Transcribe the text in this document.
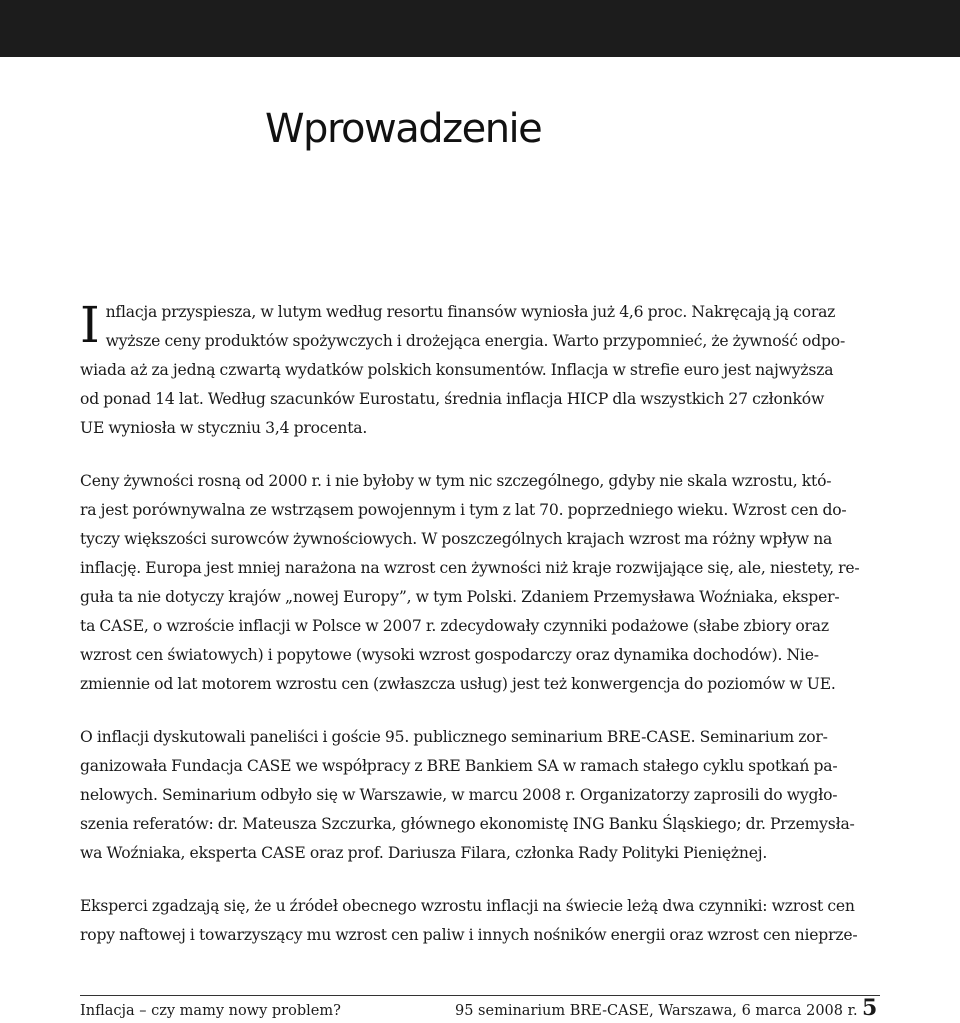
Wprowadzenie

I nflacja przyspiesza, w lutym według resortu finansów wyniosła już 4,6 proc. Nakręcają ją coraz
wyższe ceny produktów spożywczych i drożejąca energia. Warto przypomnieć, że żywność odpo-
wiada aż za jedną czwartą wydatków polskich konsumentów. Inflacja w strefie euro jest najwyższa
od ponad 14 lat. Według szacunków Eurostatu, średnia inflacja HICP dla wszystkich 27 członków
UE wyniosła w styczniu 3,4 procenta.

Ceny żywności rosną od 2000 r. i nie byłoby w tym nic szczególnego, gdyby nie skala wzrostu, któ-
ra jest porównywalna ze wstrząsem powojennym i tym z lat 70. poprzedniego wieku. Wzrost cen do-
tyczy większości surowców żywnościowych. W poszczególnych krajach wzrost ma różny wpływ na
inflację. Europa jest mniej narażona na wzrost cen żywności niż kraje rozwijające się, ale, niestety, re-
guła ta nie dotyczy krajów „nowej Europy”, w tym Polski. Zdaniem Przemysława Woźniaka, eksper-
ta CASE, o wzroście inflacji w Polsce w 2007 r. zdecydowały czynniki podażowe (słabe zbiory oraz
wzrost cen światowych) i popytowe (wysoki wzrost gospodarczy oraz dynamika dochodów). Nie-
zmiennie od lat motorem wzrostu cen (zwłaszcza usług) jest też konwergencja do poziomów w UE.

O inflacji dyskutowali paneliści i goście 95. publicznego seminarium BRE-CASE. Seminarium zor-
ganizowała Fundacja CASE we współpracy z BRE Bankiem SA w ramach stałego cyklu spotkań pa-
nelowych. Seminarium odbyło się w Warszawie, w marcu 2008 r. Organizatorzy zaprosili do wygło-
szenia referatów: dr. Mateusza Szczurka, głównego ekonomistę ING Banku Śląskiego; dr. Przemysła-
wa Woźniaka, eksperta CASE oraz prof. Dariusza Filara, członka Rady Polityki Pieniężnej.

Eksperci zgadzają się, że u źródeł obecnego wzrostu inflacji na świecie leżą dwa czynniki: wzrost cen
ropy naftowej i towarzyszący mu wzrost cen paliw i innych nośników energii oraz wzrost cen nieprze-

Inflacja – czy mamy nowy problem?	95 seminarium BRE-CASE, Warszawa, 6 marca 2008 r. 5
